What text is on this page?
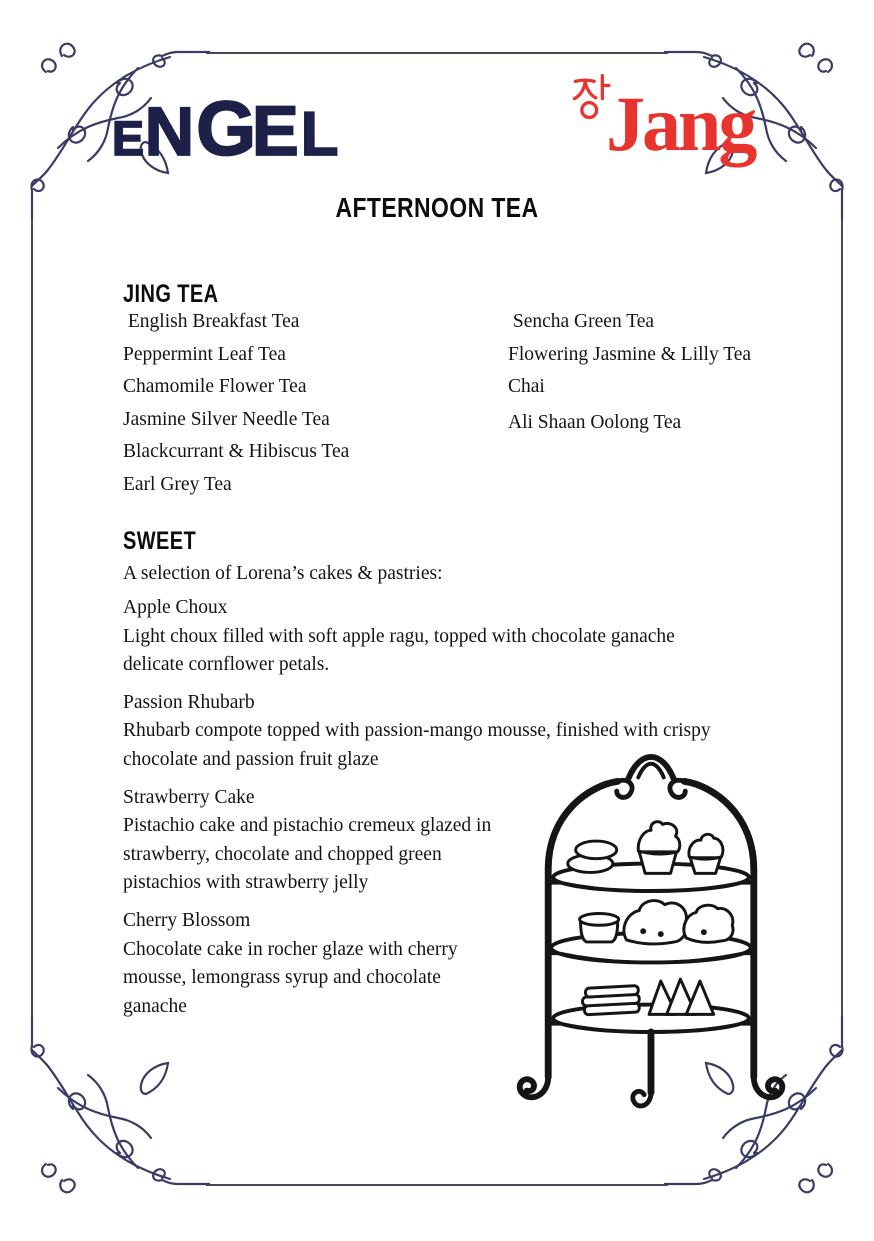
E N G
E L	Jang
AFTERNOON TEA
JING TEA
English Breakfast Tea
Peppermint Leaf Tea
Chamomile Flower Tea
Jasmine Silver Needle Tea
Blackcurrant & Hibiscus Tea
Earl Grey Tea
Sencha Green Tea
Flowering Jasmine & Lilly Tea
Chai
Ali Shaan Oolong Tea
SWEET
A selection of Lorena’s cakes & pastries:
Apple Choux
Light choux filled with soft apple ragu, topped with chocolate ganache
delicate cornflower petals.
Passion Rhubarb
Rhubarb compote topped with passion-mango mousse, finished with crispy
chocolate and passion fruit glaze
Strawberry Cake
Pistachio cake and pistachio cremeux glazed in
strawberry, chocolate and chopped green
pistachios with strawberry jelly
Cherry Blossom
Chocolate cake in rocher glaze with cherry
mousse, lemongrass syrup and chocolate
ganache
